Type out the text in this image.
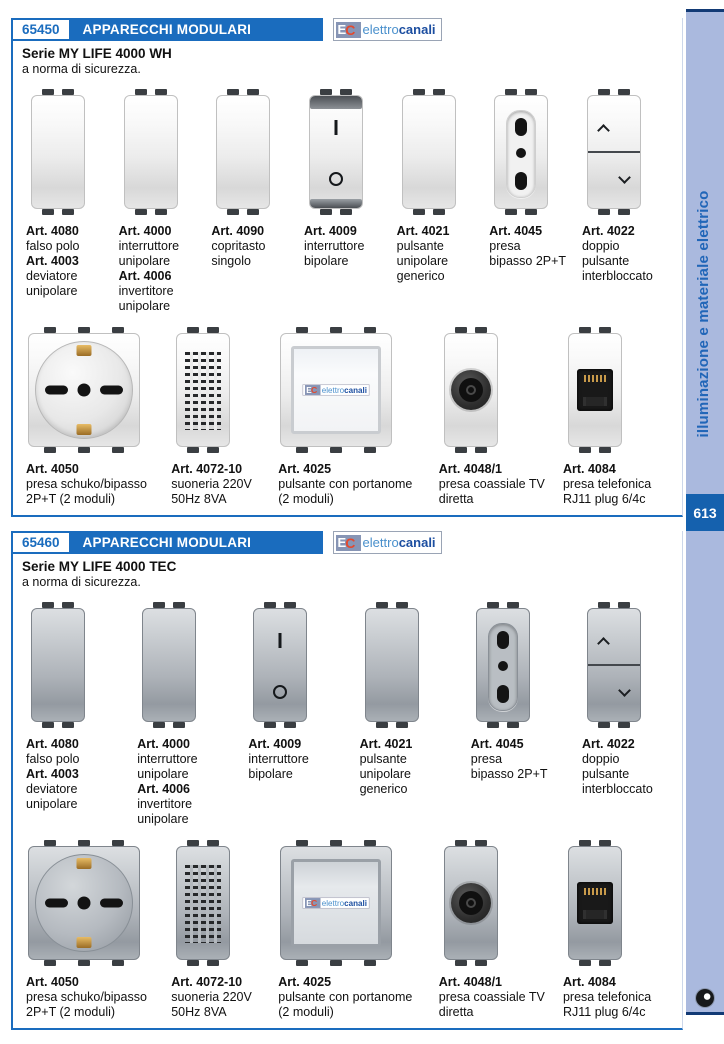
65450	APPARECCHI MODULARI	E C elettro canali
Serie MY LIFE 4000 WH
a norma di sicurezza.
Art. 4080
falso polo
Art. 4003
deviatore
unipolare
Art. 4000
interruttore
unipolare
Art. 4006
invertitore
unipolare
Art. 4090
copritasto
singolo
Art. 4009
interruttore
bipolare
Art. 4021
pulsante
unipolare
generico
Art. 4045
presa
bipasso 2P+T
Art. 4022
doppio
pulsante
interbloccato
Art. 4050
presa schuko/bipasso
2P+T (2 moduli)
Art. 4072-10
suoneria 220V
50Hz 8VA
E C elettro canali
Art. 4025
pulsante con portanome
(2 moduli)
Art. 4048/1
presa coassiale TV
diretta
Art. 4084
presa telefonica
RJ11 plug 6/4c
65460	APPARECCHI MODULARI	E C elettro canali
Serie MY LIFE 4000 TEC
a norma di sicurezza.
Art. 4080
falso polo
Art. 4003
deviatore
unipolare
Art. 4000
interruttore
unipolare
Art. 4006
invertitore
unipolare
Art. 4009
interruttore
bipolare
Art. 4021
pulsante
unipolare
generico
Art. 4045
presa
bipasso 2P+T
Art. 4022
doppio
pulsante
interbloccato
Art. 4050
presa schuko/bipasso
2P+T (2 moduli)
Art. 4072-10
suoneria 220V
50Hz 8VA
E C elettro canali
Art. 4025
pulsante con portanome
(2 moduli)
Art. 4048/1
presa coassiale TV
diretta
Art. 4084
presa telefonica
RJ11 plug 6/4c
illuminazione e materiale elettrico
613
